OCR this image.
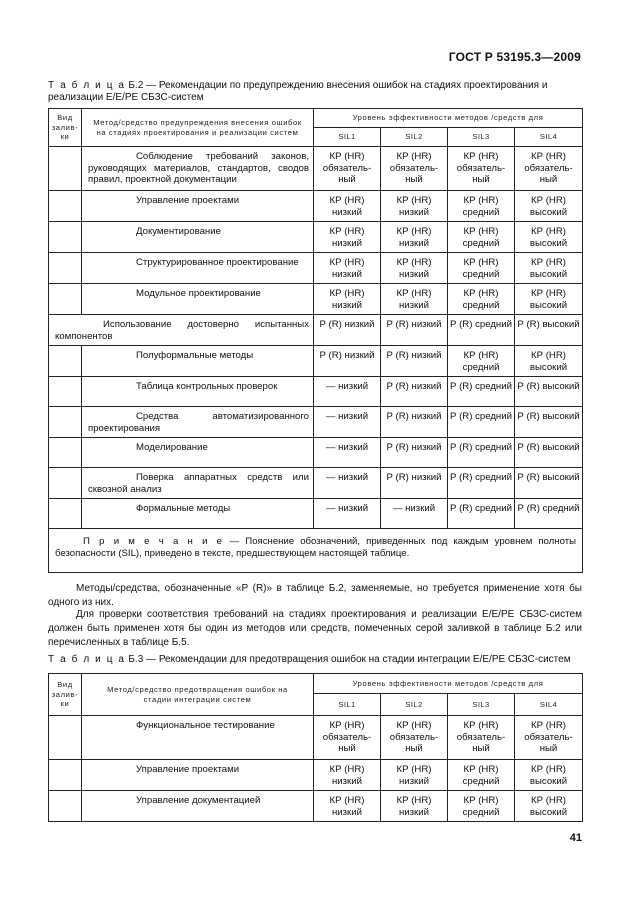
ГОСТ Р 53195.3—2009
Т а б л и ц а Б.2 — Рекомендации по предупреждению внесения ошибок на стадиях проектирования и реализации Е/Е/РЕ СБЗС-систем
Вид залив-ки	Метод/средство предупреждения внесения ошибок на стадиях проектирования и реализации систем	Уровень эффективности методов /средств для			
		SIL1	SIL2	SIL3	SIL4

	Соблюдение требований законов, руководящих материалов, стандартов, сводов правил, проектной документации	КР (HR) обязатель-ный	КР (HR) обязатель-ный	КР (HR) обязатель-ный	КР (HR) обязатель-ный
	Управление проектами	КР (HR) низкий	КР (HR) низкий	КР (HR) средний	КР (HR) высокий
	Документирование	КР (HR) низкий	КР (HR) низкий	КР (HR) средний	КР (HR) высокий
	Структурированное проектирование	КР (HR) низкий	КР (HR) низкий	КР (HR) средний	КР (HR) высокий
	Модульное проектирование	КР (HR) низкий	КР (HR) низкий	КР (HR) средний	КР (HR) высокий

Использование достоверно испытанных компонентов		Р (R) низкий	Р (R) низкий	Р (R) средний	Р (R) высокий
	Полуформальные методы	Р (R) низкий	Р (R) низкий	КР (HR) средний	КР (HR) высокий
	Таблица контрольных проверок	— низкий	Р (R) низкий	Р (R) средний	Р (R) высокий

	Средства автоматизированного проектирования	— низкий	Р (R) низкий	Р (R) средний	Р (R) высокий
	Моделирование	— низкий	Р (R) низкий	Р (R) средний	Р (R) высокий

	Поверка аппаратных средств или сквозной анализ	— низкий	Р (R) низкий	Р (R) средний	Р (R) высокий
	Формальные методы	— низкий	— низкий	Р (R) средний	Р (R) средний
П р и м е ч а н и е — Пояснение обозначений, приведенных под каждым уровнем полноты безопасности (SIL), приведено в тексте, предшествующем настоящей таблице.					
Методы/средства, обозначенные «Р (R)» в таблице Б.2, заменяемые, но требуется применение хотя бы одного из них.
Для проверки соответствия требований на стадиях проектирования и реализации Е/Е/РЕ СБЗС-систем должен быть применен хотя бы один из методов или средств, помеченных серой заливкой в таблице Б.2 или перечисленных в таблице Б.5.
Т а б л и ц а Б.3 — Рекомендации для предотвращения ошибок на стадии интеграции Е/Е/РЕ СБЗС-систем
Вид залив-ки	Метод/средство предотвращения ошибок на стадии интеграции систем	Уровень эффективности методов /средств для			
		SIL1	SIL2	SIL3	SIL4
	Функциональное тестирование	КР (HR) обязатель-ный	КР (HR) обязатель-ный	КР (HR) обязатель-ный	КР (HR) обязатель-ный
	Управление проектами	КР (HR) низкий	КР (HR) низкий	КР (HR) средний	КР (HR) высокий
	Управление документацией	КР (HR) низкий	КР (HR) низкий	КР (HR) средний	КР (HR) высокий
41
